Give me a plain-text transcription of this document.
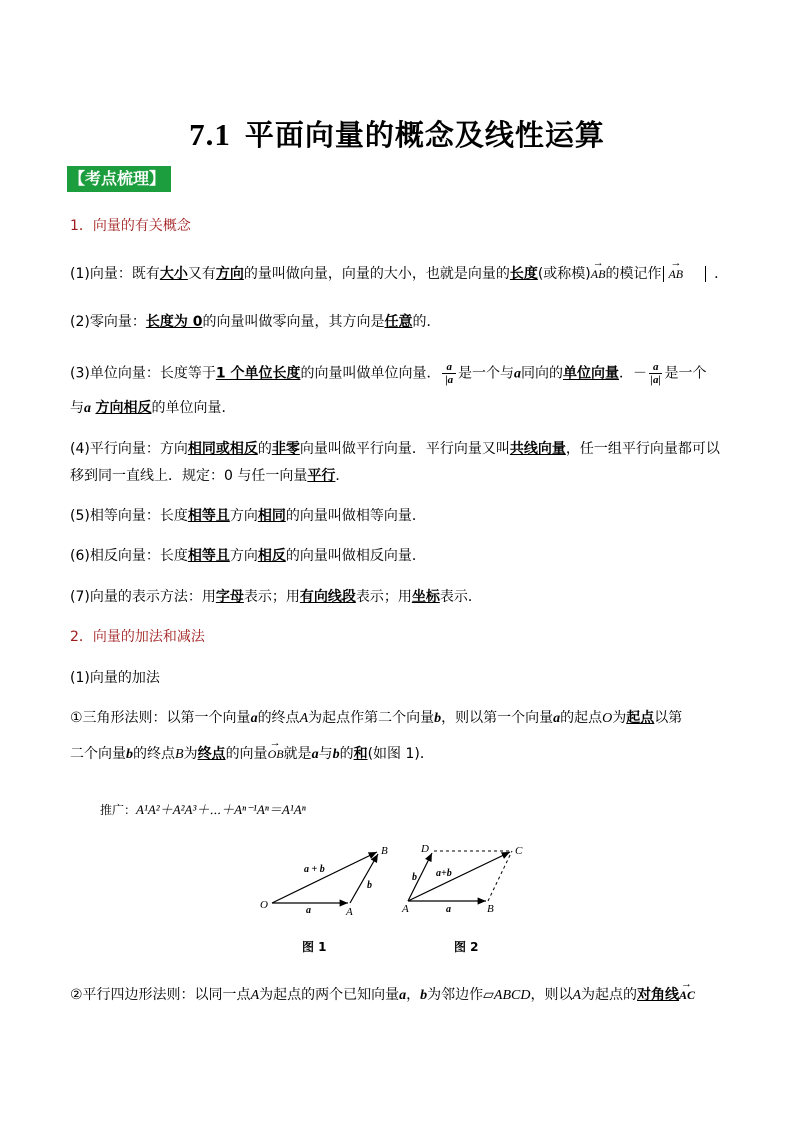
7.1 平面向量的概念及线性运算
【考点梳理】
1．向量的有关概念
(1)向量：既有大小又有方向的量叫做向量，向量的大小，也就是向量的长度(或称模)→ AB的模记作→ AB ．
(2)零向量：长度为 0的向量叫做零向量，其方向是任意的．
(3)单位向量：长度等于1 个单位长度的向量叫做单位向量． $\frac{a}{|a}$ 是一个与a同向的单位向量．－ $\frac{a}{|a|}$ 是一个
与a 方向相反的单位向量．
(4)平行向量：方向相同或相反的非零向量叫做平行向量．平行向量又叫共线向量，任一组平行向量都可以
移到同一直线上．规定：0 与任一向量平行．
(5)相等向量：长度相等且方向相同的向量叫做相等向量．
(6)相反向量：长度相等且方向相反的向量叫做相反向量．
(7)向量的表示方法：用字母表示；用有向线段表示；用坐标表示．
2．向量的加法和减法
(1)向量的加法
①三角形法则：以第一个向量a的终点A为起点作第二个向量b，则以第一个向量a的起点O为起点以第
二个向量b的终点B为终点的向量→ OB就是a与b的和(如图 1)．
推广：A¹A²＋A²A³＋⋯＋Aⁿ⁻¹Aⁿ＝A¹Aⁿ
O
A
B
a
b
a + b
A	B
C
D
a
b a+b
图 1	图 2
②平行四边形法则：以同一点A为起点的两个已知向量a，b为邻边作▱ABCD，则以A为起点的对角线→ AC
